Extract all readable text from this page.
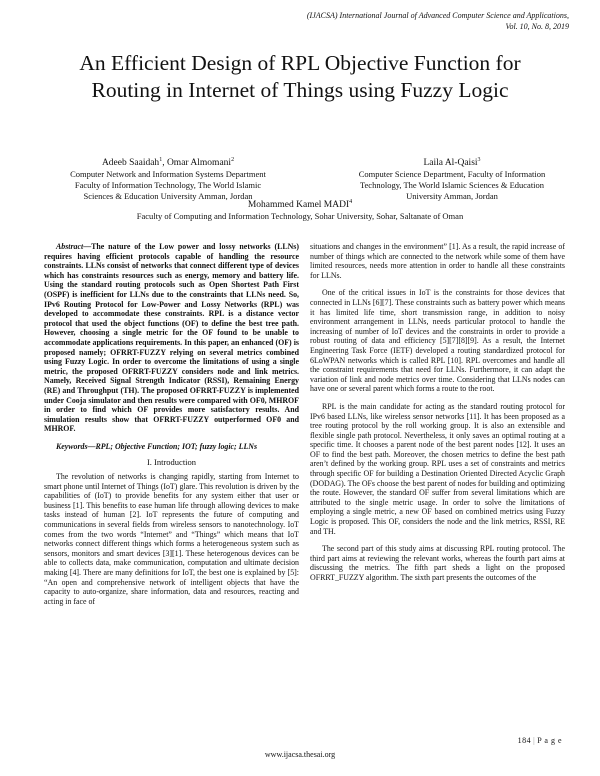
(IJACSA) International Journal of Advanced Computer Science and Applications,
Vol. 10, No. 8, 2019
An Efficient Design of RPL Objective Function for
Routing in Internet of Things using Fuzzy Logic
Adeeb Saaidah$^1$, Omar Almomani$^2$
Computer Network and Information Systems Department
Faculty of Information Technology, The World Islamic
Sciences & Education University Amman, Jordan
Laila Al-Qaisi$^3$
Computer Science Department, Faculty of Information
Technology, The World Islamic Sciences & Education
University Amman, Jordan
Mohammed Kamel MADI$^4$
Faculty of Computing and Information Technology, Sohar University, Sohar, Saltanate of Oman

Abstract—The nature of the Low power and lossy networks (LLNs) requires having efficient protocols capable of handling the resource constraints. LLNs consist of networks that connect different type of devices which has constraints resources such as energy, memory and battery life. Using the standard routing protocols such as Open Shortest Path First (OSPF) is inefficient for LLNs due to the constraints that LLNs need. So, IPv6 Routing Protocol for Low-Power and Lossy Networks (RPL) was developed to accommodate these constraints. RPL is a distance vector protocol that used the object functions (OF) to define the best tree path. However, choosing a single metric for the OF found to be unable to accommodate applications requirements. In this paper, an enhanced (OF) is proposed namely; OFRRT-FUZZY relying on several metrics combined using Fuzzy Logic. In order to overcome the limitations of using a single metric, the proposed OFRRT-FUZZY considers node and link metrics. Namely, Received Signal Strength Indicator (RSSI), Remaining Energy (RE) and Throughput (TH). The proposed OFRRT-FUZZY is implemented under Cooja simulator and then results were compared with OF0, MHROF in order to find which OF provides more satisfactory results. And simulation results show that OFRRT-FUZZY outperformed OF0 and MHROF.

Keywords—RPL; Objective Function; IOT; fuzzy logic; LLNs

I. Introduction

The revolution of networks is changing rapidly, starting from Internet to smart phone until Internet of Things (IoT) glare. This revolution is driven by the capabilities of (IoT) to provide benefits for any system either that user or business [1]. This benefits to ease human life through allowing devices to make tasks instead of human [2]. IoT represents the future of computing and communications in several fields from wireless sensors to nanotechnology. IoT comes from the two words “Internet” and “Things” which means that IoT networks connect different things which forms a heterogeneous system such as sensors, monitors and smart devices [3][1]. These heterogenous devices can be able to collects data, make communication, computation and ultimate decision making [4]. There are many definitions for IoT, the best one is explained by [5]: “An open and comprehensive network of intelligent objects that have the capacity to auto-organize, share information, data and resources, reacting and acting in face of

situations and changes in the environment” [1]. As a result, the rapid increase of number of things which are connected to the network while some of them have limited resources, needs more attention in order to handle all these constraints for LLNs.

One of the critical issues in IoT is the constraints for those devices that connected in LLNs [6][7]. These constraints such as battery power which means it has limited life time, short transmission range, in addition to noisy environment arrangement in LLNs, needs particular protocol to handle the increasing of number of IoT devices and the constraints in order to provide a robust routing of data and efficiency [5][7][8][9]. As a result, the Internet Engineering Task Force (IETF) developed a routing standardized protocol for 6LoWPAN networks which is called RPL [10]. RPL overcomes and handle all the constraint requirements that need for LLNs. Furthermore, it can adapt the variation of link and node metrics over time. Considering that LLNs nodes can have one or several parent which forms a route to the root.

RPL is the main candidate for acting as the standard routing protocol for IPv6 based LLNs, like wireless sensor networks [11]. It has been proposed as a tree routing protocol by the roll working group. It is also an extensible and flexible single path protocol. Nevertheless, it only saves an optimal routing at a specific time. It chooses a parent node of the best parent nodes [12]. It uses an OF to find the best path. Moreover, the chosen metrics to define the best path aren’t defined by the working group. RPL uses a set of constraints and metrics through specific OF for building a Destination Oriented Directed Acyclic Graph (DODAG). The OFs choose the best parent of nodes for building and optimizing the route. However, the standard OF suffer from several limitations which are attributed to the single metric usage. In order to solve the limitations of employing a single metric, a new OF based on combined metrics using Fuzzy Logic is proposed. This OF, considers the node and the link metrics, RSSI, RE and TH.

The second part of this study aims at discussing RPL routing protocol. The third part aims at reviewing the relevant works, whereas the fourth part aims at discussing the metrics. The fifth part sheds a light on the proposed OFRRT_FUZZY algorithm. The sixth part presents the outcomes of the

184 | P a g e
www.ijacsa.thesai.org
